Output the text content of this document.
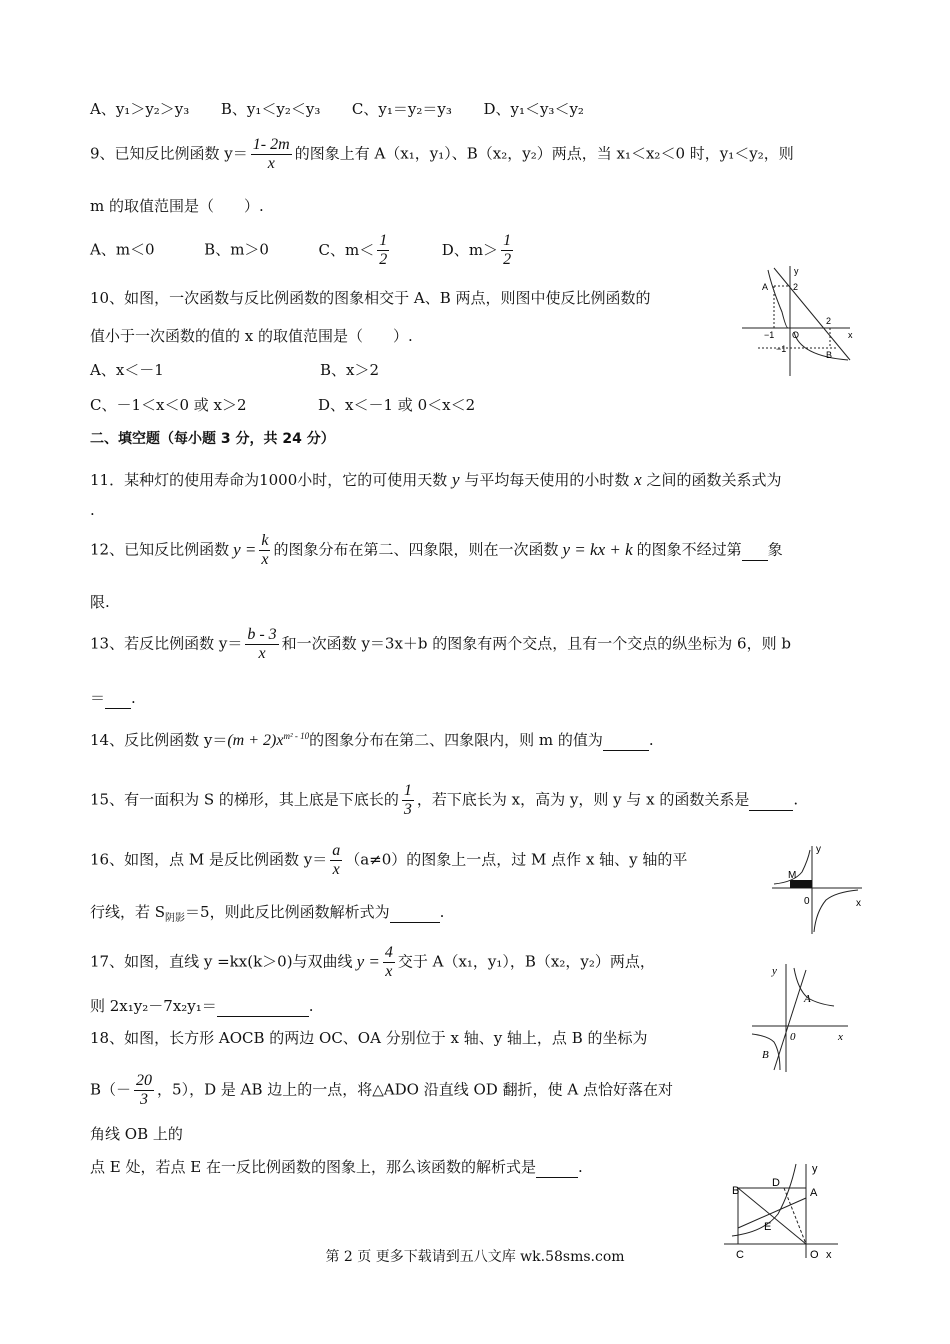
A、y₁＞y₂＞y₃ B、y₁＜y₂＜y₃ C、y₁＝y₂＝y₃ D、y₁＜y₃＜y₂
9、已知反比例函数 $y= \frac{1- 2m}{x}$ 的图象上有 A（x₁，y₁）、B（x₂，y₂）两点，当 x₁＜x₂＜0 时，y₁＜y₂，则
m 的取值范围是（　　）.
A、m＜0	B、m＞0	C、$m< \frac{1}{2}$	D、$m> \frac{1}{2}$
10、如图，一次函数与反比例函数的图象相交于 A、B 两点，则图中使反比例函数的
值小于一次函数的值的 x 的取值范围是（　　）.
A、x＜－1	B、x＞2
C、－1＜x＜0 或 x＞2	D、x＜－1 或 0＜x＜2
y
x
A
B
2
−1 O
2
−1
二、填空题（每小题 3 分，共 24 分）
11．某种灯的使用寿命为1000小时，它的可使用天数 y 与平均每天使用的小时数 x 之间的函数关系式为
.
12、已知反比例函数 $y = \frac{k}{x}$ 的图象分布在第二、四象限，则在一次函数 y = kx + k 的图象不经过第 象
限.
13、若反比例函数 $y= \frac{b - 3}{x}$ 和一次函数 y＝3x＋b 的图象有两个交点，且有一个交点的纵坐标为 6，则 b
＝ .
14、反比例函数 $y=(m + 2)x^{m^2 - 10}$的图象分布在第二、四象限内，则 m 的值为	.
15、有一面积为 S 的梯形，其上底是下底长的 $\frac{1}{3}$ ，若下底长为 x，高为 y，则 y 与 x 的函数关系是	.
16、如图，点 M 是反比例函数 $y= \frac{a}{x} (a\ne 0)$的图象上一点，过 M 点作 x 轴、y 轴的平
行线，若 $S_{阴影}=5$，则此反比例函数解析式为	.
y
x
M
0
17、如图，直线 y =kx(k＞0)与双曲线 $y = \frac{4}{x}$ 交于 A（x₁，y₁），B（x₂，y₂）两点，
则 2x₁y₂－7x₂y₁＝	.
y
x
A
B
0
18、如图，长方形 AOCB 的两边 OC、OA 分别位于 x 轴、y 轴上，点 B 的坐标为
$B(- \frac{20}{3}$ ，5），D 是 AB 边上的一点，将△ADO 沿直线 OD 翻折，使 A 点恰好落在对
角线 OB 上的
点 E 处，若点 E 在一反比例函数的图象上，那么该函数的解析式是	.
B
D
A
y
E
C	O x
第 2 页 更多下载请到五八文库 wk.58sms.com
